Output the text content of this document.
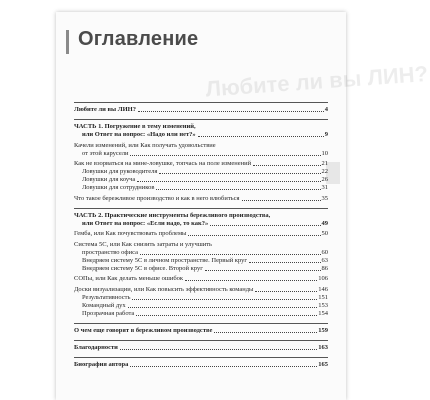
Оглавление
Любите ли вы ЛИН?
Любите ли вы ЛИН?	4
ЧАСТЬ 1. Погружение в тему изменений,
или Ответ на вопрос: «Надо или нет?»	9
Качели изменений, или Как получать удовольствие
от этой карусели	10
Как не взорваться на мине-ловушке, топчась на поле изменений	21
Ловушки для руководителя	22
Ловушки для коуча	26
Ловушки для сотрудников	31
Что такое бережливое производство и как в него влюбиться	35
ЧАСТЬ 2. Практические инструменты бережливого производства,
или Ответ на вопрос: «Если надо, то как?»	49
Гемба, или Как почувствовать проблемы	50
Система 5С, или Как снизить затраты и улучшить
пространство офиса	60
Внедряем систему 5С в личном пространстве. Первый круг	63
Внедряем систему 5С в офисе. Второй круг	86
СОПы, или Как делать меньше ошибок	106
Доски визуализации, или Как повысить эффективность команды	146
Результативность	151
Командный дух	153
Прозрачная работа	154
О чем еще говорят в бережливом производстве	159
Благодарности	163
Биография автора	165
